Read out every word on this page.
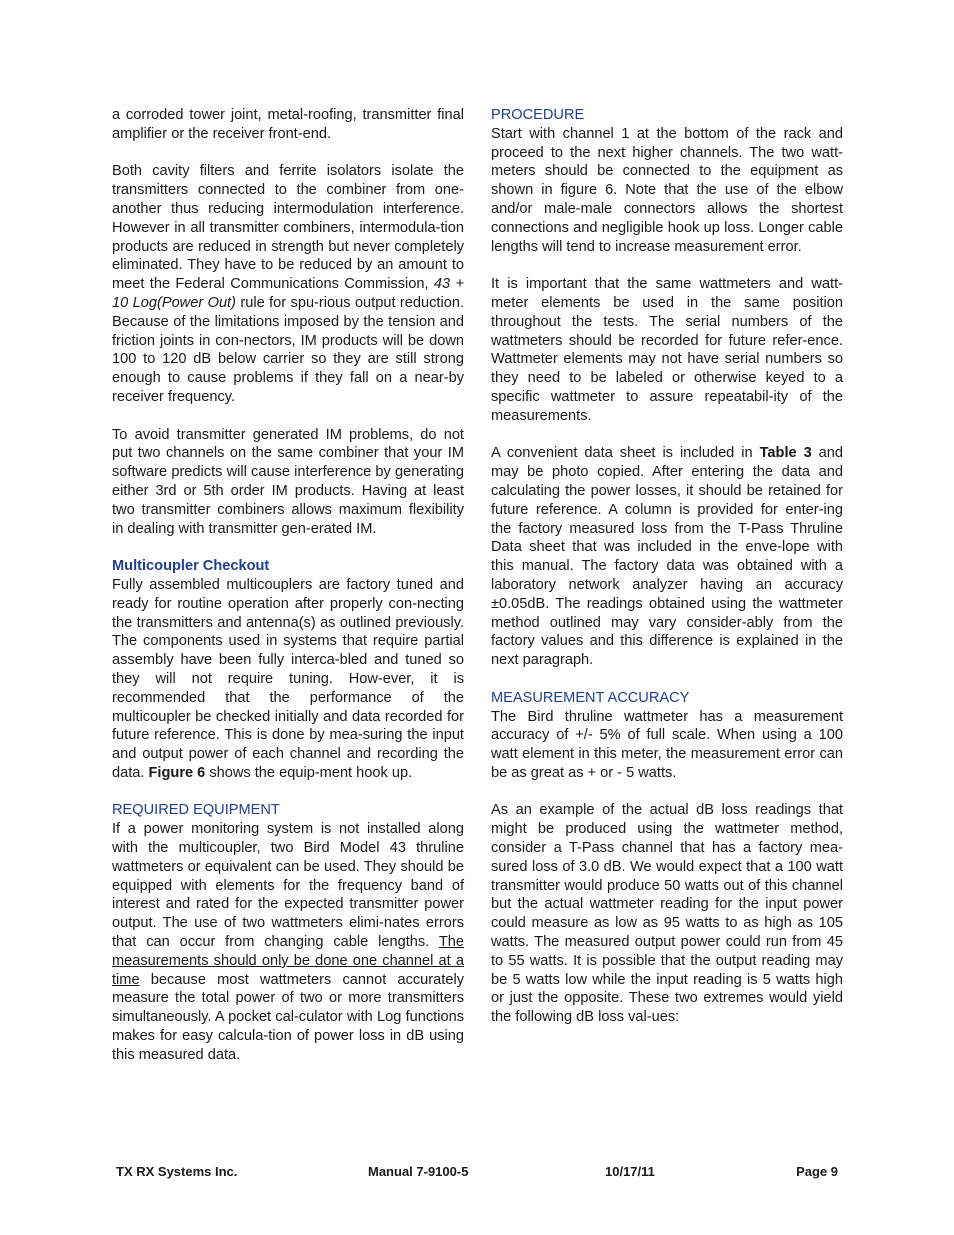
a corroded tower joint, metal-roofing, transmitter final amplifier or the receiver front-end.

Both cavity filters and ferrite isolators isolate the transmitters connected to the combiner from one-another thus reducing intermodulation interference. However in all transmitter combiners, intermodula-tion products are reduced in strength but never completely eliminated. They have to be reduced by an amount to meet the Federal Communications Commission, 43 + 10 Log(Power Out) rule for spu-rious output reduction. Because of the limitations imposed by the tension and friction joints in con-nectors, IM products will be down 100 to 120 dB below carrier so they are still strong enough to cause problems if they fall on a near-by receiver frequency.

To avoid transmitter generated IM problems, do not put two channels on the same combiner that your IM software predicts will cause interference by generating either 3rd or 5th order IM products. Having at least two transmitter combiners allows maximum flexibility in dealing with transmitter gen-erated IM.

Multicoupler Checkout
Fully assembled multicouplers are factory tuned and ready for routine operation after properly con-necting the transmitters and antenna(s) as outlined previously. The components used in systems that require partial assembly have been fully interca-bled and tuned so they will not require tuning. How-ever, it is recommended that the performance of the multicoupler be checked initially and data recorded for future reference. This is done by mea-suring the input and output power of each channel and recording the data. Figure 6 shows the equip-ment hook up.

REQUIRED EQUIPMENT
If a power monitoring system is not installed along with the multicoupler, two Bird Model 43 thruline wattmeters or equivalent can be used. They should be equipped with elements for the frequency band of interest and rated for the expected transmitter power output. The use of two wattmeters elimi-nates errors that can occur from changing cable lengths. The measurements should only be done one channel at a time because most wattmeters cannot accurately measure the total power of two or more transmitters simultaneously. A pocket cal-culator with Log functions makes for easy calcula-tion of power loss in dB using this measured data.

PROCEDURE
Start with channel 1 at the bottom of the rack and proceed to the next higher channels. The two watt-meters should be connected to the equipment as shown in figure 6. Note that the use of the elbow and/or male-male connectors allows the shortest connections and negligible hook up loss. Longer cable lengths will tend to increase measurement error.

It is important that the same wattmeters and watt-meter elements be used in the same position throughout the tests. The serial numbers of the wattmeters should be recorded for future refer-ence. Wattmeter elements may not have serial numbers so they need to be labeled or otherwise keyed to a specific wattmeter to assure repeatabil-ity of the measurements.

A convenient data sheet is included in Table 3 and may be photo copied. After entering the data and calculating the power losses, it should be retained for future reference. A column is provided for enter-ing the factory measured loss from the T-Pass Thruline Data sheet that was included in the enve-lope with this manual. The factory data was obtained with a laboratory network analyzer having an accuracy ±0.05dB. The readings obtained using the wattmeter method outlined may vary consider-ably from the factory values and this difference is explained in the next paragraph.

MEASUREMENT ACCURACY
The Bird thruline wattmeter has a measurement accuracy of +/- 5% of full scale. When using a 100 watt element in this meter, the measurement error can be as great as + or - 5 watts.

As an example of the actual dB loss readings that might be produced using the wattmeter method, consider a T-Pass channel that has a factory mea-sured loss of 3.0 dB. We would expect that a 100 watt transmitter would produce 50 watts out of this channel but the actual wattmeter reading for the input power could measure as low as 95 watts to as high as 105 watts. The measured output power could run from 45 to 55 watts. It is possible that the output reading may be 5 watts low while the input reading is 5 watts high or just the opposite. These two extremes would yield the following dB loss val-ues:

TX RX Systems Inc.	Manual 7-9100-5	10/17/11	Page 9
